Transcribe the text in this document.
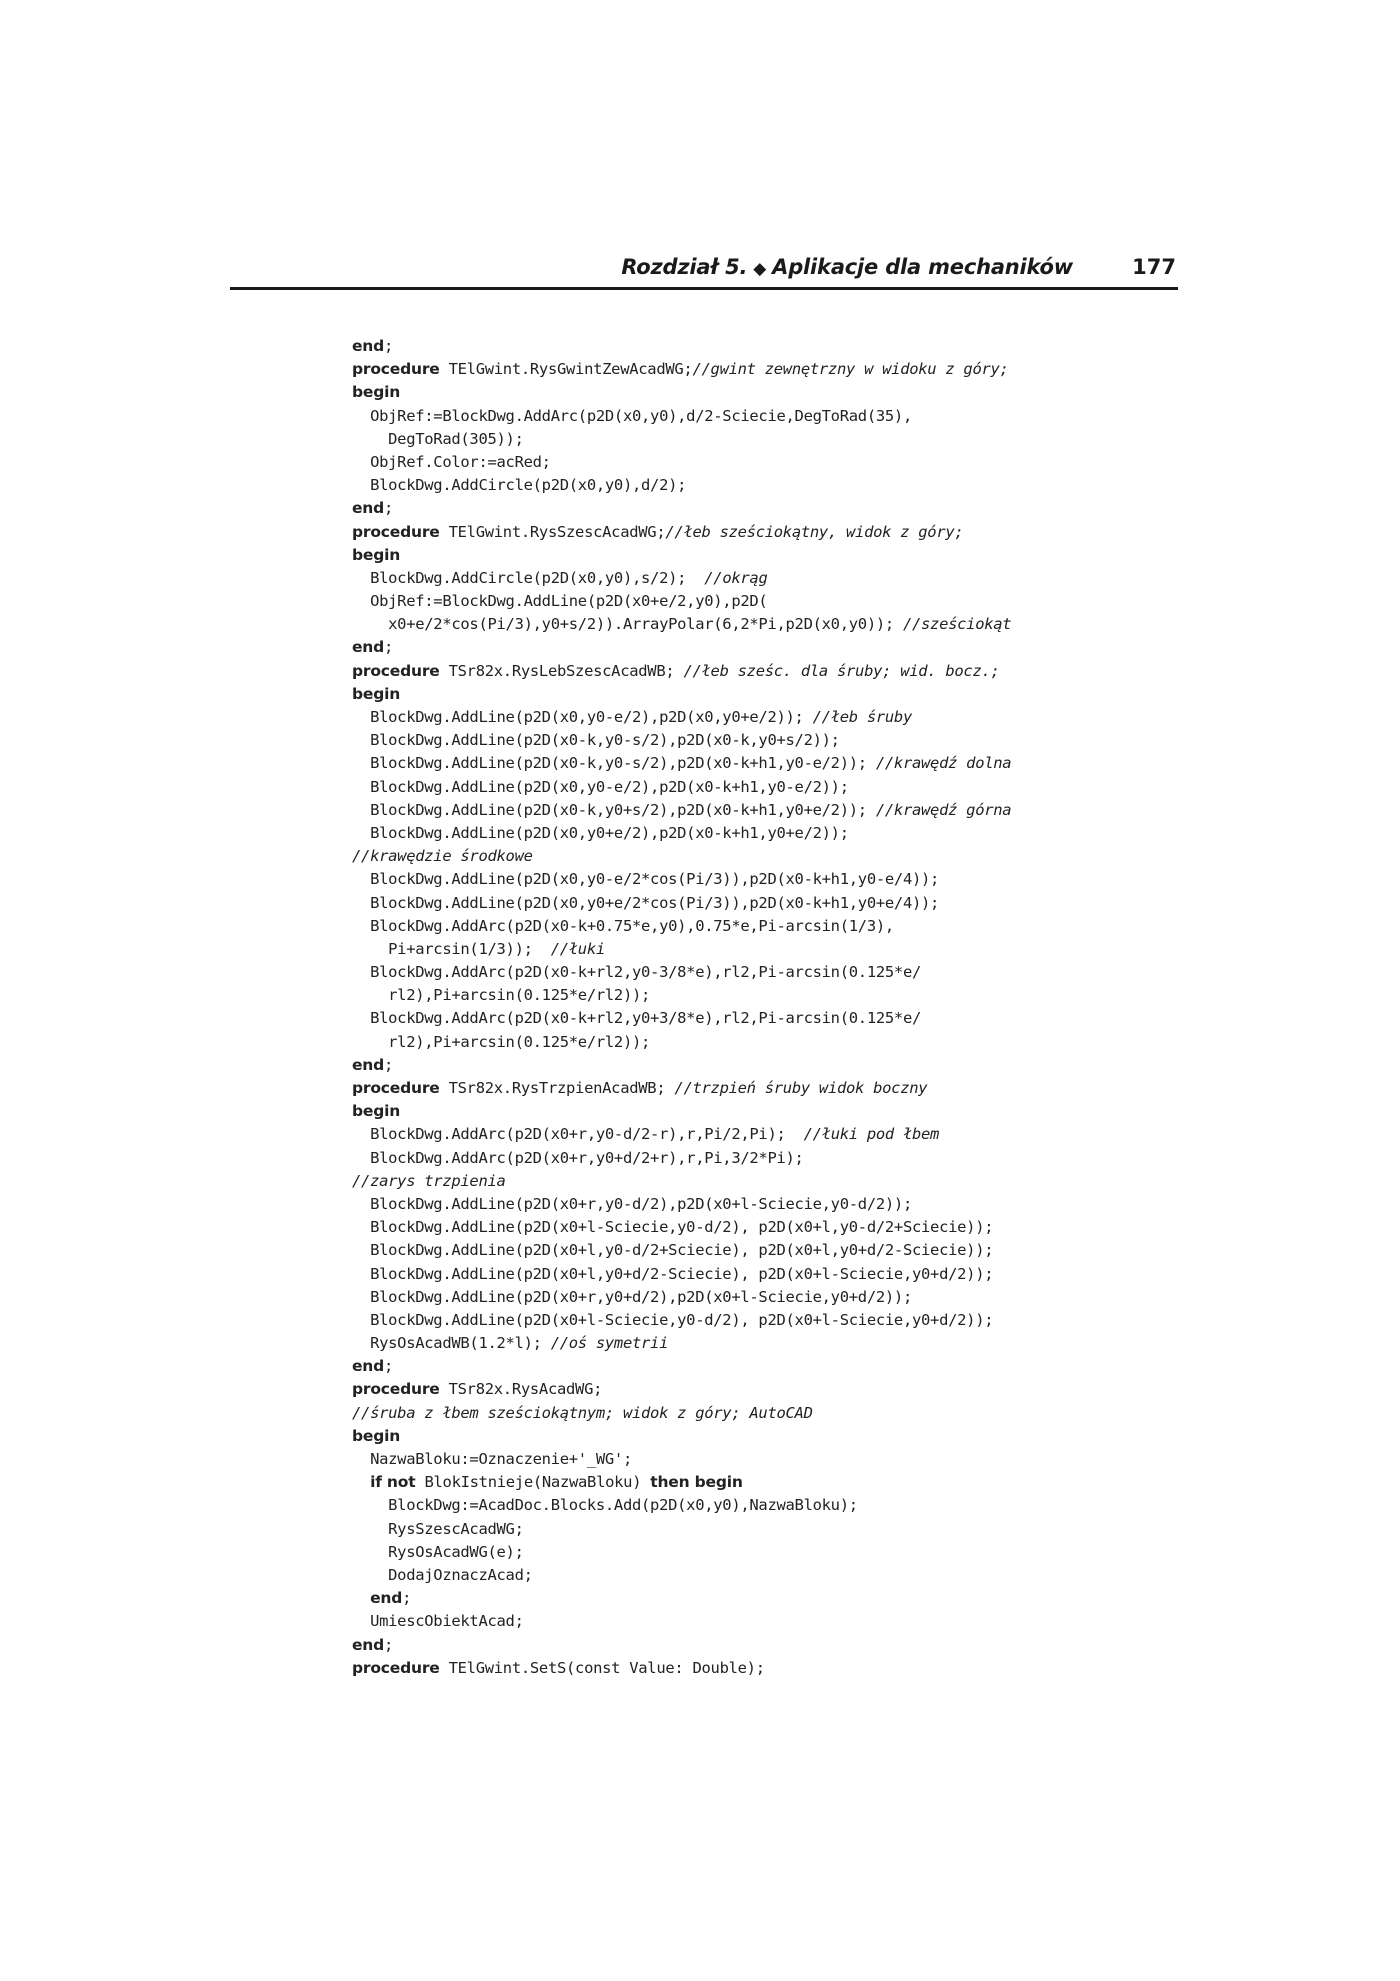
Rozdział 5. ◆ Aplikacje dla mechaników	177
end;
procedure TElGwint.RysGwintZewAcadWG;//gwint zewnętrzny w widoku z góry;
begin
ObjRef:=BlockDwg.AddArc(p2D(x0,y0),d/2-Sciecie,DegToRad(35),
DegToRad(305));
ObjRef.Color:=acRed;
BlockDwg.AddCircle(p2D(x0,y0),d/2);
end;
procedure TElGwint.RysSzescAcadWG;//łeb sześciokątny, widok z góry;
begin
BlockDwg.AddCircle(p2D(x0,y0),s/2);  //okrąg
ObjRef:=BlockDwg.AddLine(p2D(x0+e/2,y0),p2D(
x0+e/2*cos(Pi/3),y0+s/2)).ArrayPolar(6,2*Pi,p2D(x0,y0)); //sześciokąt
end;
procedure TSr82x.RysLebSzescAcadWB; //łeb sześc. dla śruby; wid. bocz.;
begin
BlockDwg.AddLine(p2D(x0,y0-e/2),p2D(x0,y0+e/2)); //łeb śruby
BlockDwg.AddLine(p2D(x0-k,y0-s/2),p2D(x0-k,y0+s/2));
BlockDwg.AddLine(p2D(x0-k,y0-s/2),p2D(x0-k+h1,y0-e/2)); //krawędź dolna
BlockDwg.AddLine(p2D(x0,y0-e/2),p2D(x0-k+h1,y0-e/2));
BlockDwg.AddLine(p2D(x0-k,y0+s/2),p2D(x0-k+h1,y0+e/2)); //krawędź górna
BlockDwg.AddLine(p2D(x0,y0+e/2),p2D(x0-k+h1,y0+e/2));
//krawędzie środkowe
BlockDwg.AddLine(p2D(x0,y0-e/2*cos(Pi/3)),p2D(x0-k+h1,y0-e/4));
BlockDwg.AddLine(p2D(x0,y0+e/2*cos(Pi/3)),p2D(x0-k+h1,y0+e/4));
BlockDwg.AddArc(p2D(x0-k+0.75*e,y0),0.75*e,Pi-arcsin(1/3),
Pi+arcsin(1/3));  //łuki
BlockDwg.AddArc(p2D(x0-k+rl2,y0-3/8*e),rl2,Pi-arcsin(0.125*e/
rl2),Pi+arcsin(0.125*e/rl2));
BlockDwg.AddArc(p2D(x0-k+rl2,y0+3/8*e),rl2,Pi-arcsin(0.125*e/
rl2),Pi+arcsin(0.125*e/rl2));
end;
procedure TSr82x.RysTrzpienAcadWB; //trzpień śruby widok boczny
begin
BlockDwg.AddArc(p2D(x0+r,y0-d/2-r),r,Pi/2,Pi);  //łuki pod łbem
BlockDwg.AddArc(p2D(x0+r,y0+d/2+r),r,Pi,3/2*Pi);
//zarys trzpienia
BlockDwg.AddLine(p2D(x0+r,y0-d/2),p2D(x0+l-Sciecie,y0-d/2));
BlockDwg.AddLine(p2D(x0+l-Sciecie,y0-d/2), p2D(x0+l,y0-d/2+Sciecie));
BlockDwg.AddLine(p2D(x0+l,y0-d/2+Sciecie), p2D(x0+l,y0+d/2-Sciecie));
BlockDwg.AddLine(p2D(x0+l,y0+d/2-Sciecie), p2D(x0+l-Sciecie,y0+d/2));
BlockDwg.AddLine(p2D(x0+r,y0+d/2),p2D(x0+l-Sciecie,y0+d/2));
BlockDwg.AddLine(p2D(x0+l-Sciecie,y0-d/2), p2D(x0+l-Sciecie,y0+d/2));
RysOsAcadWB(1.2*l); //oś symetrii
end;
procedure TSr82x.RysAcadWG;
//śruba z łbem sześciokątnym; widok z góry; AutoCAD
begin
NazwaBloku:=Oznaczenie+'_WG';
if not BlokIstnieje(NazwaBloku) then begin
BlockDwg:=AcadDoc.Blocks.Add(p2D(x0,y0),NazwaBloku);
RysSzescAcadWG;
RysOsAcadWG(e);
DodajOznaczAcad;
end;
UmiescObiektAcad;
end;
procedure TElGwint.SetS(const Value: Double);
